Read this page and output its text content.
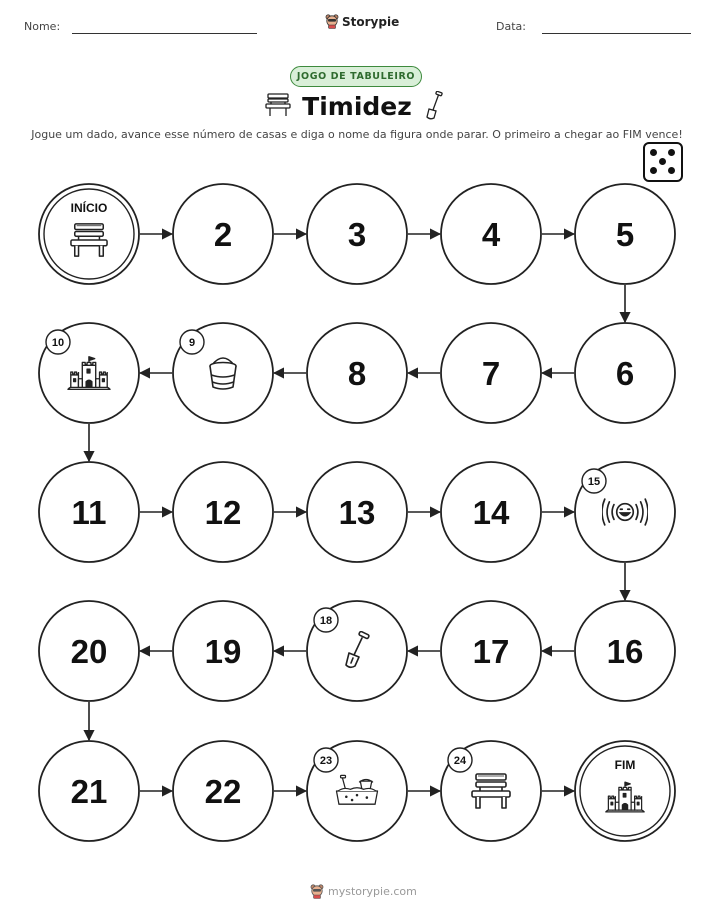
Nome:	Storypie	Data:
JOGO DE TABULEIRO
Timidez
Jogue um dado, avance esse número de casas e diga o nome da figura onde parar. O primeiro a chegar ao FIM vence!
INÍCIO
2	3	4	5
6
7
8
9
10
11	12	13	14
15
16
17
18
19
20
21	22
23	24	FIM
mystorypie.com
